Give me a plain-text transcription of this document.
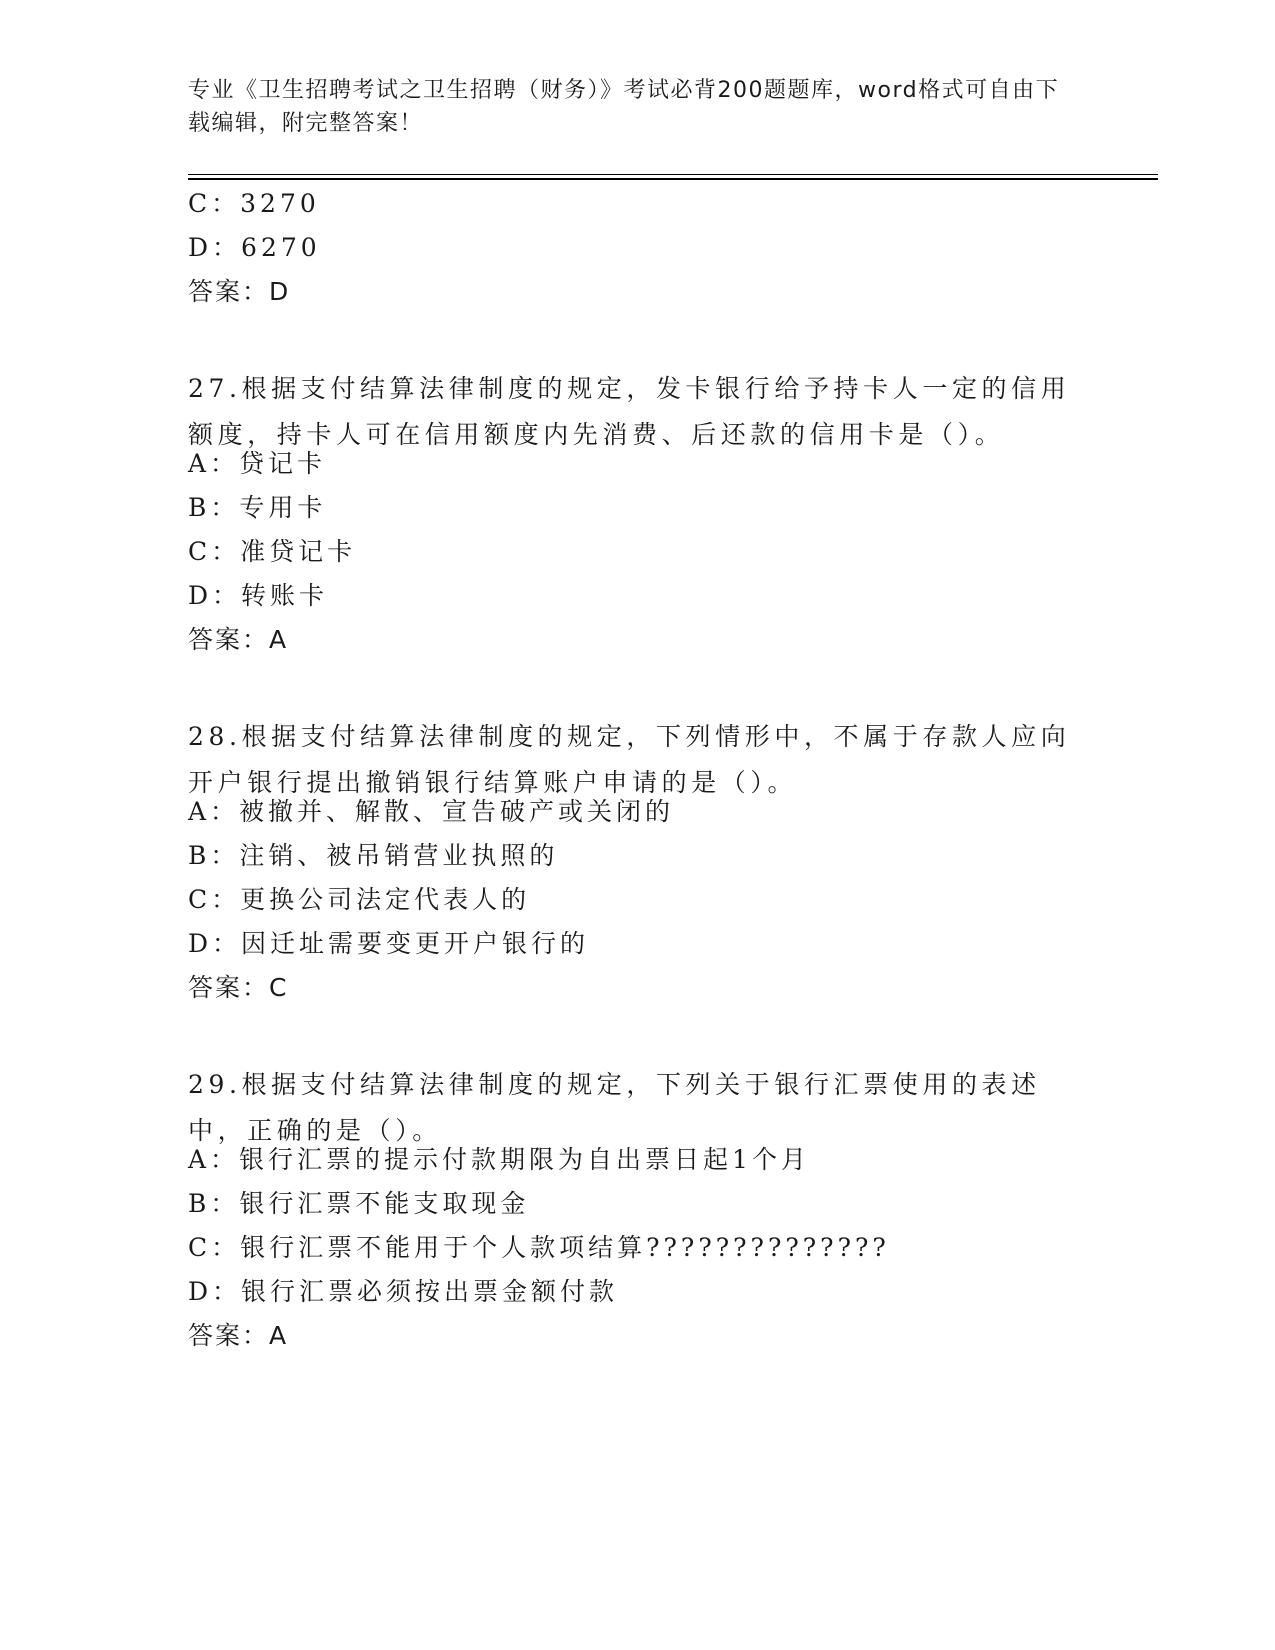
专业《卫生招聘考试之卫生招聘（财务）》考试必背200题题库，word格式可自由下载编辑，附完整答案！
C：3270
D：6270
答案：D
27.根据支付结算法律制度的规定，发卡银行给予持卡人一定的信用额度，持卡人可在信用额度内先消费、后还款的信用卡是（）。
A：贷记卡
B：专用卡
C：准贷记卡
D：转账卡
答案：A
28.根据支付结算法律制度的规定，下列情形中，不属于存款人应向开户银行提出撤销银行结算账户申请的是（）。
A：被撤并、解散、宣告破产或关闭的
B：注销、被吊销营业执照的
C：更换公司法定代表人的
D：因迁址需要变更开户银行的
答案：C
29.根据支付结算法律制度的规定，下列关于银行汇票使用的表述中，正确的是（）。
A：银行汇票的提示付款期限为自出票日起1个月
B：银行汇票不能支取现金
C：银行汇票不能用于个人款项结算??????????????
D：银行汇票必须按出票金额付款
答案：A
